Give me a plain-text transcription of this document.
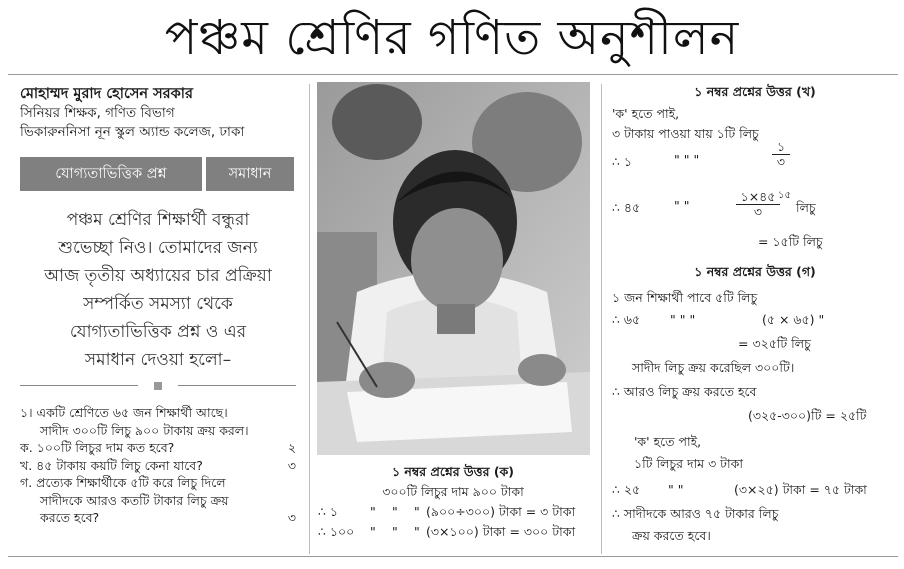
পঞ্চম শ্রেণির গণিত অনুশীলন
মোহাম্মদ মুরাদ হোসেন সরকার
সিনিয়র শিক্ষক, গণিত বিভাগ
ভিকারুননিসা নূন স্কুল অ্যান্ড কলেজ, ঢাকা
যোগ্যতাভিত্তিক প্রশ্ন	সমাধান
পঞ্চম শ্রেণির শিক্ষার্থী বন্ধুরা
শুভেচ্ছা নিও। তোমাদের জন্য
আজ তৃতীয় অধ্যায়ের চার প্রক্রিয়া
সম্পর্কিত সমস্যা থেকে
যোগ্যতাভিত্তিক প্রশ্ন ও এর
সমাধান দেওয়া হলো–
১। একটি শ্রেণিতে ৬৫ জন শিক্ষার্থী আছে।
সাদীদ ৩০০টি লিচু ৯০০ টাকায় ক্রয় করল।
ক. ১০০টি লিচুর দাম কত হবে?	২
খ. ৪৫ টাকায় কয়টি লিচু কেনা যাবে?	৩
গ. প্রত্যেক শিক্ষার্থীকে ৫টি করে লিচু দিলে
সাদীদকে আরও কতটি টাকার লিচু ক্রয়
করতে হবে?	৩
১ নম্বর প্রশ্নের উত্তর (ক)
৩০০টি লিচুর দাম ৯০০ টাকা
∴ ১	" " " (৯০০÷৩০০) টাকা = ৩ টাকা
∴ ১০০ " " " (৩×১০০) টাকা = ৩০০ টাকা
১ নম্বর প্রশ্নের উত্তর (খ)
'ক' হতে পাই,
৩ টাকায় পাওয়া যায় ১টি লিচু
∴ ১	" " "
১
৩
∴ ৪৫	" "
১×৪৫
৩
১৫
লিচু
= ১৫টি লিচু
১ নম্বর প্রশ্নের উত্তর (গ)
১ জন শিক্ষার্থী পাবে ৫টি লিচু
∴ ৬৫ " " "	(৫ × ৬৫) "
= ৩২৫টি লিচু
সাদীদ লিচু ক্রয় করেছিল ৩০০টি।
∴ আরও লিচু ক্রয় করতে হবে
(৩২৫-৩০০)টি = ২৫টি
'ক' হতে পাই,
১টি লিচুর দাম ৩ টাকা
∴ ২৫ " "	(৩×২৫) টাকা = ৭৫ টাকা
∴ সাদীদকে আরও ৭৫ টাকার লিচু
ক্রয় করতে হবে।
